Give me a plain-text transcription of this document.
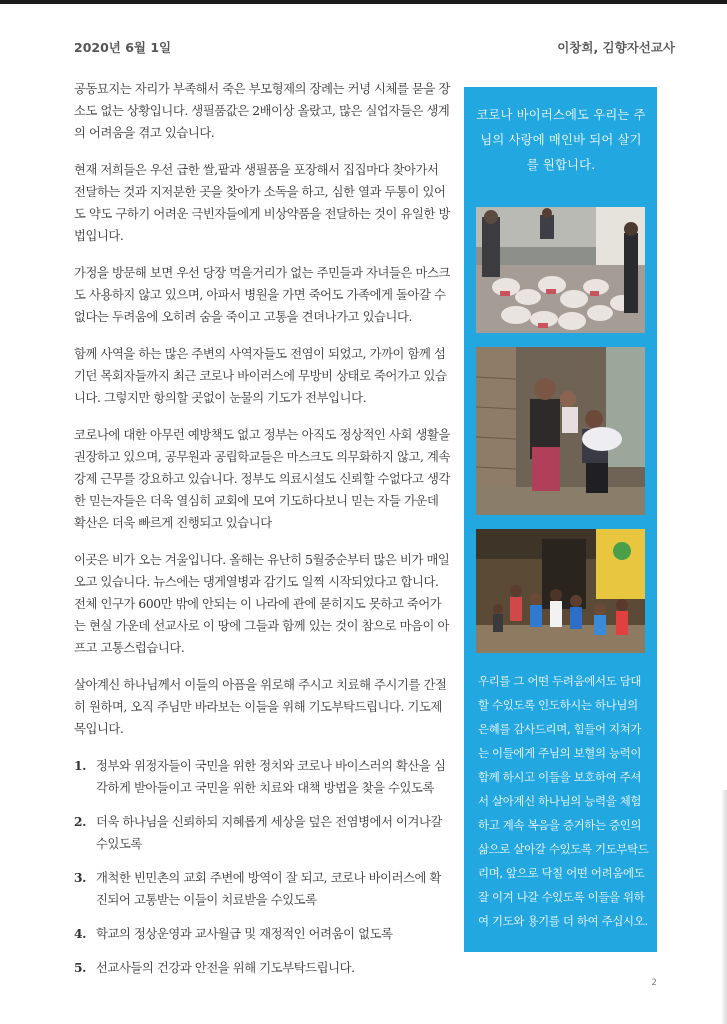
2020년 6월 1일	이창희, 김향자선교사

공동묘지는 자리가 부족해서 죽은 부모형제의 장례는 커녕 시체를 묻을 장소도 없는 상황입니다. 생필품값은 2배이상 올랐고, 많은 실업자들은 생계의 어려움을 겪고 있습니다.

현재 저희들은 우선 급한 쌀,팥과 생필품을 포장해서 집집마다 찾아가서 전달하는 것과 지저분한 곳을 찾아가 소독을 하고, 심한 열과 두통이 있어도 약도 구하기 어려운 극빈자들에게 비상약품을 전달하는 것이 유일한 방법입니다.

가정을 방문해 보면 우선 당장 먹을거리가 없는 주민들과 자녀들은 마스크도 사용하지 않고 있으며, 아파서 병원을 가면 죽어도 가족에게 돌아갈 수없다는 두려움에 오히려 숨을 죽이고 고통을 견뎌나가고 있습니다.

함께 사역을 하는 많은 주변의 사역자들도 전염이 되었고, 가까이 함께 섬기던 목회자들까지 최근 코로나 바이러스에 무방비 상태로 죽어가고 있습니다. 그렇지만 항의할 곳없이 눈물의 기도가 전부입니다.

코로나에 대한 아무런 예방책도 없고 정부는 아직도 정상적인 사회 생활을 권장하고 있으며, 공무원과 공립학교들은 마스크도 의무화하지 않고, 계속 강제 근무를 강요하고 있습니다. 정부도 의료시설도 신뢰할 수없다고 생각한 믿는자들은 더욱 열심히 교회에 모여 기도하다보니 믿는 자들 가운데 확산은 더욱 빠르게 진행되고 있습니다

이곳은 비가 오는 겨울입니다. 올해는 유난히 5월중순부터 많은 비가 매일 오고 있습니다. 뉴스에는 댕게열병과 감기도 일찍 시작되었다고 합니다. 전체 인구가 600만 밖에 안되는 이 나라에 관에 묻히지도 못하고 죽어가는 현실 가운데 선교사로 이 땅에 그들과 함께 있는 것이 참으로 마음이 아프고 고통스럽습니다.

살아계신 하나님께서 이들의 아픔을 위로해 주시고 치료해 주시기를 간절히 원하며, 오직 주님만 바라보는 이들을 위해 기도부탁드립니다. 기도제목입니다.

1. 정부와 위정자들이 국민을 위한 정치와 코로나 바이스러의 확산을 심각하게 받아들이고 국민을 위한 치료와 대책 방법을 찾을 수있도록
2. 더욱 하나님을 신뢰하되 지혜롭게 세상을 덮은 전염병에서 이겨나갈 수있도록
3. 개척한 빈민촌의 교회 주변에 방역이 잘 되고, 코로나 바이러스에 확진되어 고통받는 이들이 치료받을 수있도록
4. 학교의 정상운영과 교사월급 및 재정적인 어려움이 없도록
5. 선교사들의 건강과 안전을 위해 기도부탁드립니다.
코로나 바이러스에도 우리는 주님의 사랑에 매인바 되어 살기를 원합니다.
우리를 그 어떤 두려움에서도 담대할 수있도록 인도하시는 하나님의 은혜를 감사드리며, 힘들어 지쳐가는 이들에게 주님의 보혈의 능력이 함께 하시고 이들을 보호하여 주셔서 살아계신 하나님의 능력을 체험하고 계속 복음을 증거하는 증인의 삶으로 살아갈 수있도록 기도부탁드리며, 앞으로 닥칠 어떤 어려움에도 잘 이겨 나갈 수있도록 이들을 위하여 기도와 용기를 더 하여 주십시오.
2
